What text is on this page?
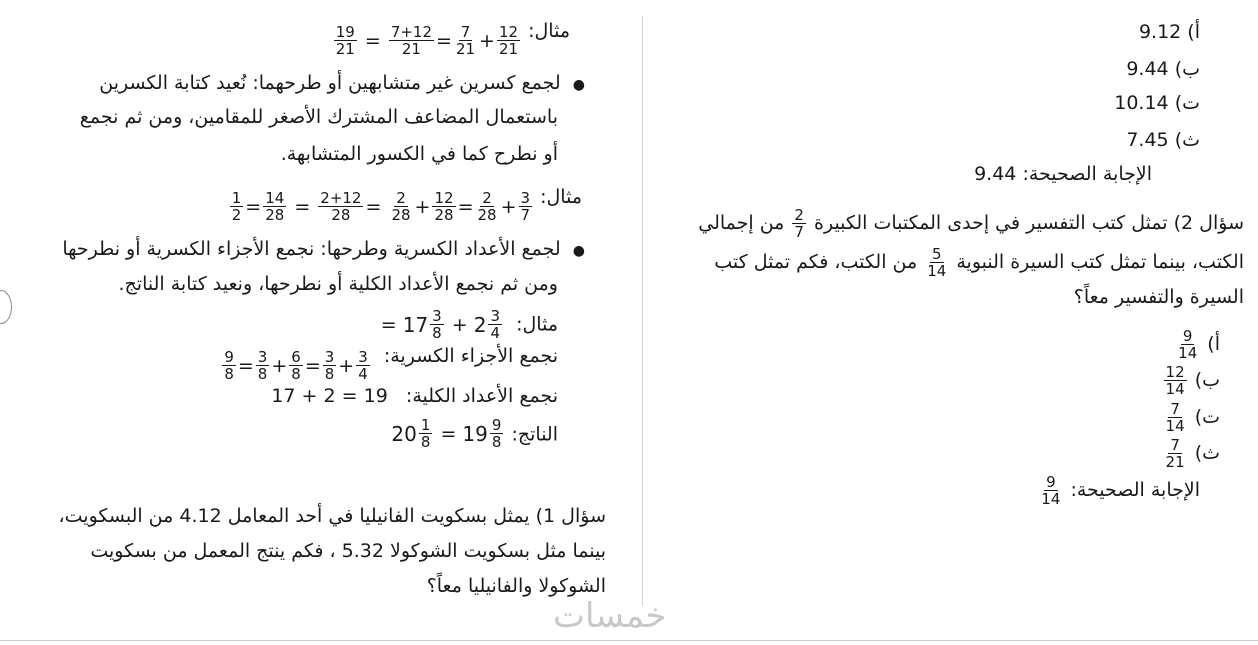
أ) 9.12
ب) 9.44
ت) 10.14
ث) 7.45
الإجابة الصحيحة: 9.44
سؤال 2) تمثل كتب التفسير في إحدى المكتبات الكبيرة
$\frac{2}{7}$
من إجمالي
الكتب، بينما تمثل كتب السيرة النبوية
$\frac{5}{14}$
من الكتب، فكم تمثل كتب
السيرة والتفسير معاً؟
أ)
$\frac{9}{14}$
ب)
$\frac{12}{14}$
ت)
$\frac{7}{14}$
ث)
$\frac{7}{21}$
الإجابة الصحيحة:
$\frac{9}{14}$
مثال:
$\frac{19}{21} = \frac{7+12}{21} = \frac{7}{21} + \frac{12}{21}$
●  لجمع كسرين غير متشابهين أو طرحهما: نُعيد كتابة الكسرين
باستعمال المضاعف المشترك الأصغر للمقامين، ومن ثم نجمع
أو نطرح كما في الكسور المتشابهة.
مثال:
$\frac{1}{2} = \frac{14}{28} = \frac{2+12}{28} = \frac{2}{28} + \frac{12}{28} = \frac{2}{28} + \frac{3}{7}$
●  لجمع الأعداد الكسرية وطرحها: نجمع الأجزاء الكسرية أو نطرحها
ومن ثم نجمع الأعداد الكلية أو نطرحها، ونعيد كتابة الناتج.
مثال:  = $17 \frac{3}{8} + 2 \frac{3}{4}$
نجمع الأجزاء الكسرية:
$\frac{9}{8} = \frac{3}{8} + \frac{6}{8} = \frac{3}{8} + \frac{3}{4}$
نجمع الأعداد الكلية:   17 + 2 = 19
الناتج:
$20 \frac{1}{8} = 19 \frac{9}{8}$
سؤال 1) يمثل بسكويت الفانيليا في أحد المعامل 4.12 من البسكويت،
بينما مثل بسكويت الشوكولا 5.32 ، فكم ينتج المعمل من بسكويت
الشوكولا والفانيليا معاً؟
خمسات
